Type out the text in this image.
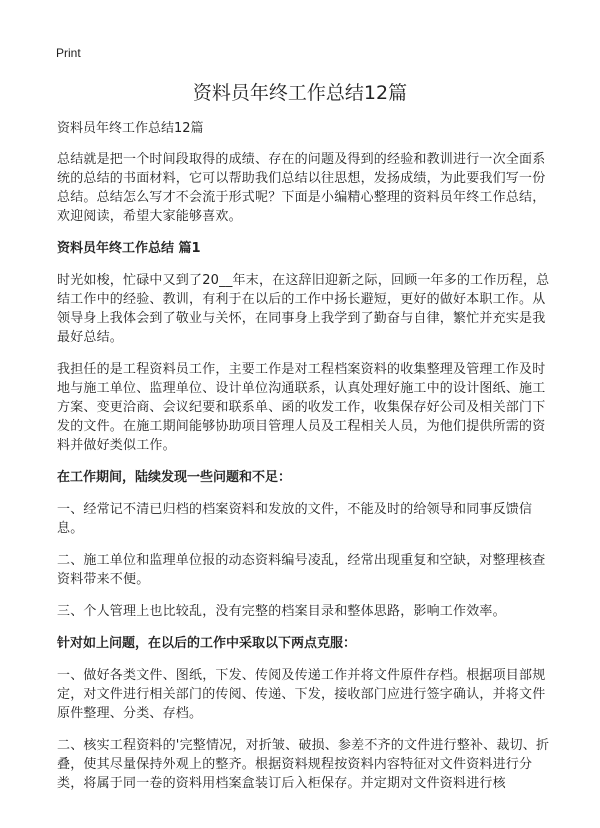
Print
资料员年终工作总结12篇

资料员年终工作总结12篇

总结就是把一个时间段取得的成绩、存在的问题及得到的经验和教训进行一次全面系统的总结的书面材料，它可以帮助我们总结以往思想，发扬成绩，为此要我们写一份总结。总结怎么写才不会流于形式呢？下面是小编精心整理的资料员年终工作总结，欢迎阅读，希望大家能够喜欢。

资料员年终工作总结 篇1

时光如梭，忙碌中又到了20__年末，在这辞旧迎新之际，回顾一年多的工作历程，总结工作中的经验、教训，有利于在以后的工作中扬长避短，更好的做好本职工作。从领导身上我体会到了敬业与关怀，在同事身上我学到了勤奋与自律，繁忙并充实是我最好总结。

我担任的是工程资料员工作，主要工作是对工程档案资料的收集整理及管理工作及时地与施工单位、监理单位、设计单位沟通联系，认真处理好施工中的设计图纸、施工方案、变更洽商、会议纪要和联系单、函的收发工作，收集保存好公司及相关部门下发的文件。在施工期间能够协助项目管理人员及工程相关人员，为他们提供所需的资料并做好类似工作。

在工作期间，陆续发现一些问题和不足：

一、经常记不清已归档的档案资料和发放的文件，不能及时的给领导和同事反馈信息。

二、施工单位和监理单位报的动态资料编号凌乱，经常出现重复和空缺，对整理核查资料带来不便。

三、个人管理上也比较乱，没有完整的档案目录和整体思路，影响工作效率。

针对如上问题，在以后的工作中采取以下两点克服：

一、做好各类文件、图纸，下发、传阅及传递工作并将文件原件存档。根据项目部规定，对文件进行相关部门的传阅、传递、下发，接收部门应进行签字确认，并将文件原件整理、分类、存档。

二、核实工程资料的'完整情况，对折皱、破损、参差不齐的文件进行整补、裁切、折叠，使其尽量保持外观上的整齐。根据资料规程按资料内容特征对文件资料进行分类，将属于同一卷的资料用档案盒装订后入柜保存。并定期对文件资料进行核
